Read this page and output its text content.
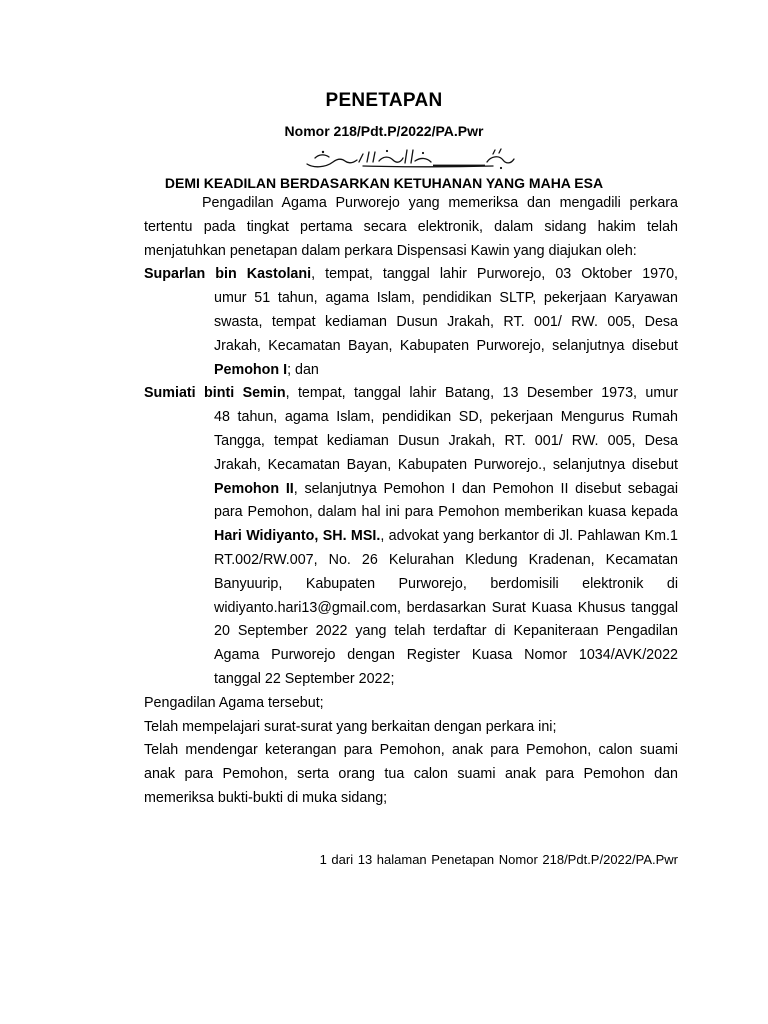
PENETAPAN
Nomor 218/Pdt.P/2022/PA.Pwr
DEMI KEADILAN BERDASARKAN KETUHANAN YANG MAHA ESA

Pengadilan Agama Purworejo yang memeriksa dan mengadili perkara tertentu pada tingkat pertama secara elektronik, dalam sidang hakim telah menjatuhkan penetapan dalam perkara Dispensasi Kawin yang diajukan oleh:

Suparlan bin Kastolani, tempat, tanggal lahir Purworejo, 03 Oktober 1970,

umur 51 tahun, agama Islam, pendidikan SLTP, pekerjaan Karyawan swasta, tempat kediaman Dusun Jrakah, RT. 001/ RW. 005, Desa Jrakah, Kecamatan Bayan, Kabupaten Purworejo, selanjutnya disebut Pemohon I; dan

Sumiati binti Semin, tempat, tanggal lahir Batang, 13 Desember 1973, umur

48 tahun, agama Islam, pendidikan SD, pekerjaan Mengurus Rumah Tangga, tempat kediaman Dusun Jrakah, RT. 001/ RW. 005, Desa Jrakah, Kecamatan Bayan, Kabupaten Purworejo., selanjutnya disebut Pemohon II, selanjutnya Pemohon I dan Pemohon II disebut sebagai para Pemohon, dalam hal ini para Pemohon memberikan kuasa kepada Hari Widiyanto, SH. MSI., advokat yang berkantor di Jl. Pahlawan Km.1 RT.002/RW.007, No. 26 Kelurahan Kledung Kradenan, Kecamatan Banyuurip, Kabupaten Purworejo, berdomisili elektronik di widiyanto.hari13@gmail.com, berdasarkan Surat Kuasa Khusus tanggal 20 September 2022 yang telah terdaftar di Kepaniteraan Pengadilan Agama Purworejo dengan Register Kuasa Nomor 1034/AVK/2022 tanggal 22 September 2022;

Pengadilan Agama tersebut;

Telah mempelajari surat-surat yang berkaitan dengan perkara ini;

Telah mendengar keterangan para Pemohon, anak para Pemohon, calon suami anak para Pemohon, serta orang tua calon suami anak para Pemohon dan memeriksa bukti-bukti di muka sidang;

1 dari 13 halaman Penetapan Nomor 218/Pdt.P/2022/PA.Pwr
